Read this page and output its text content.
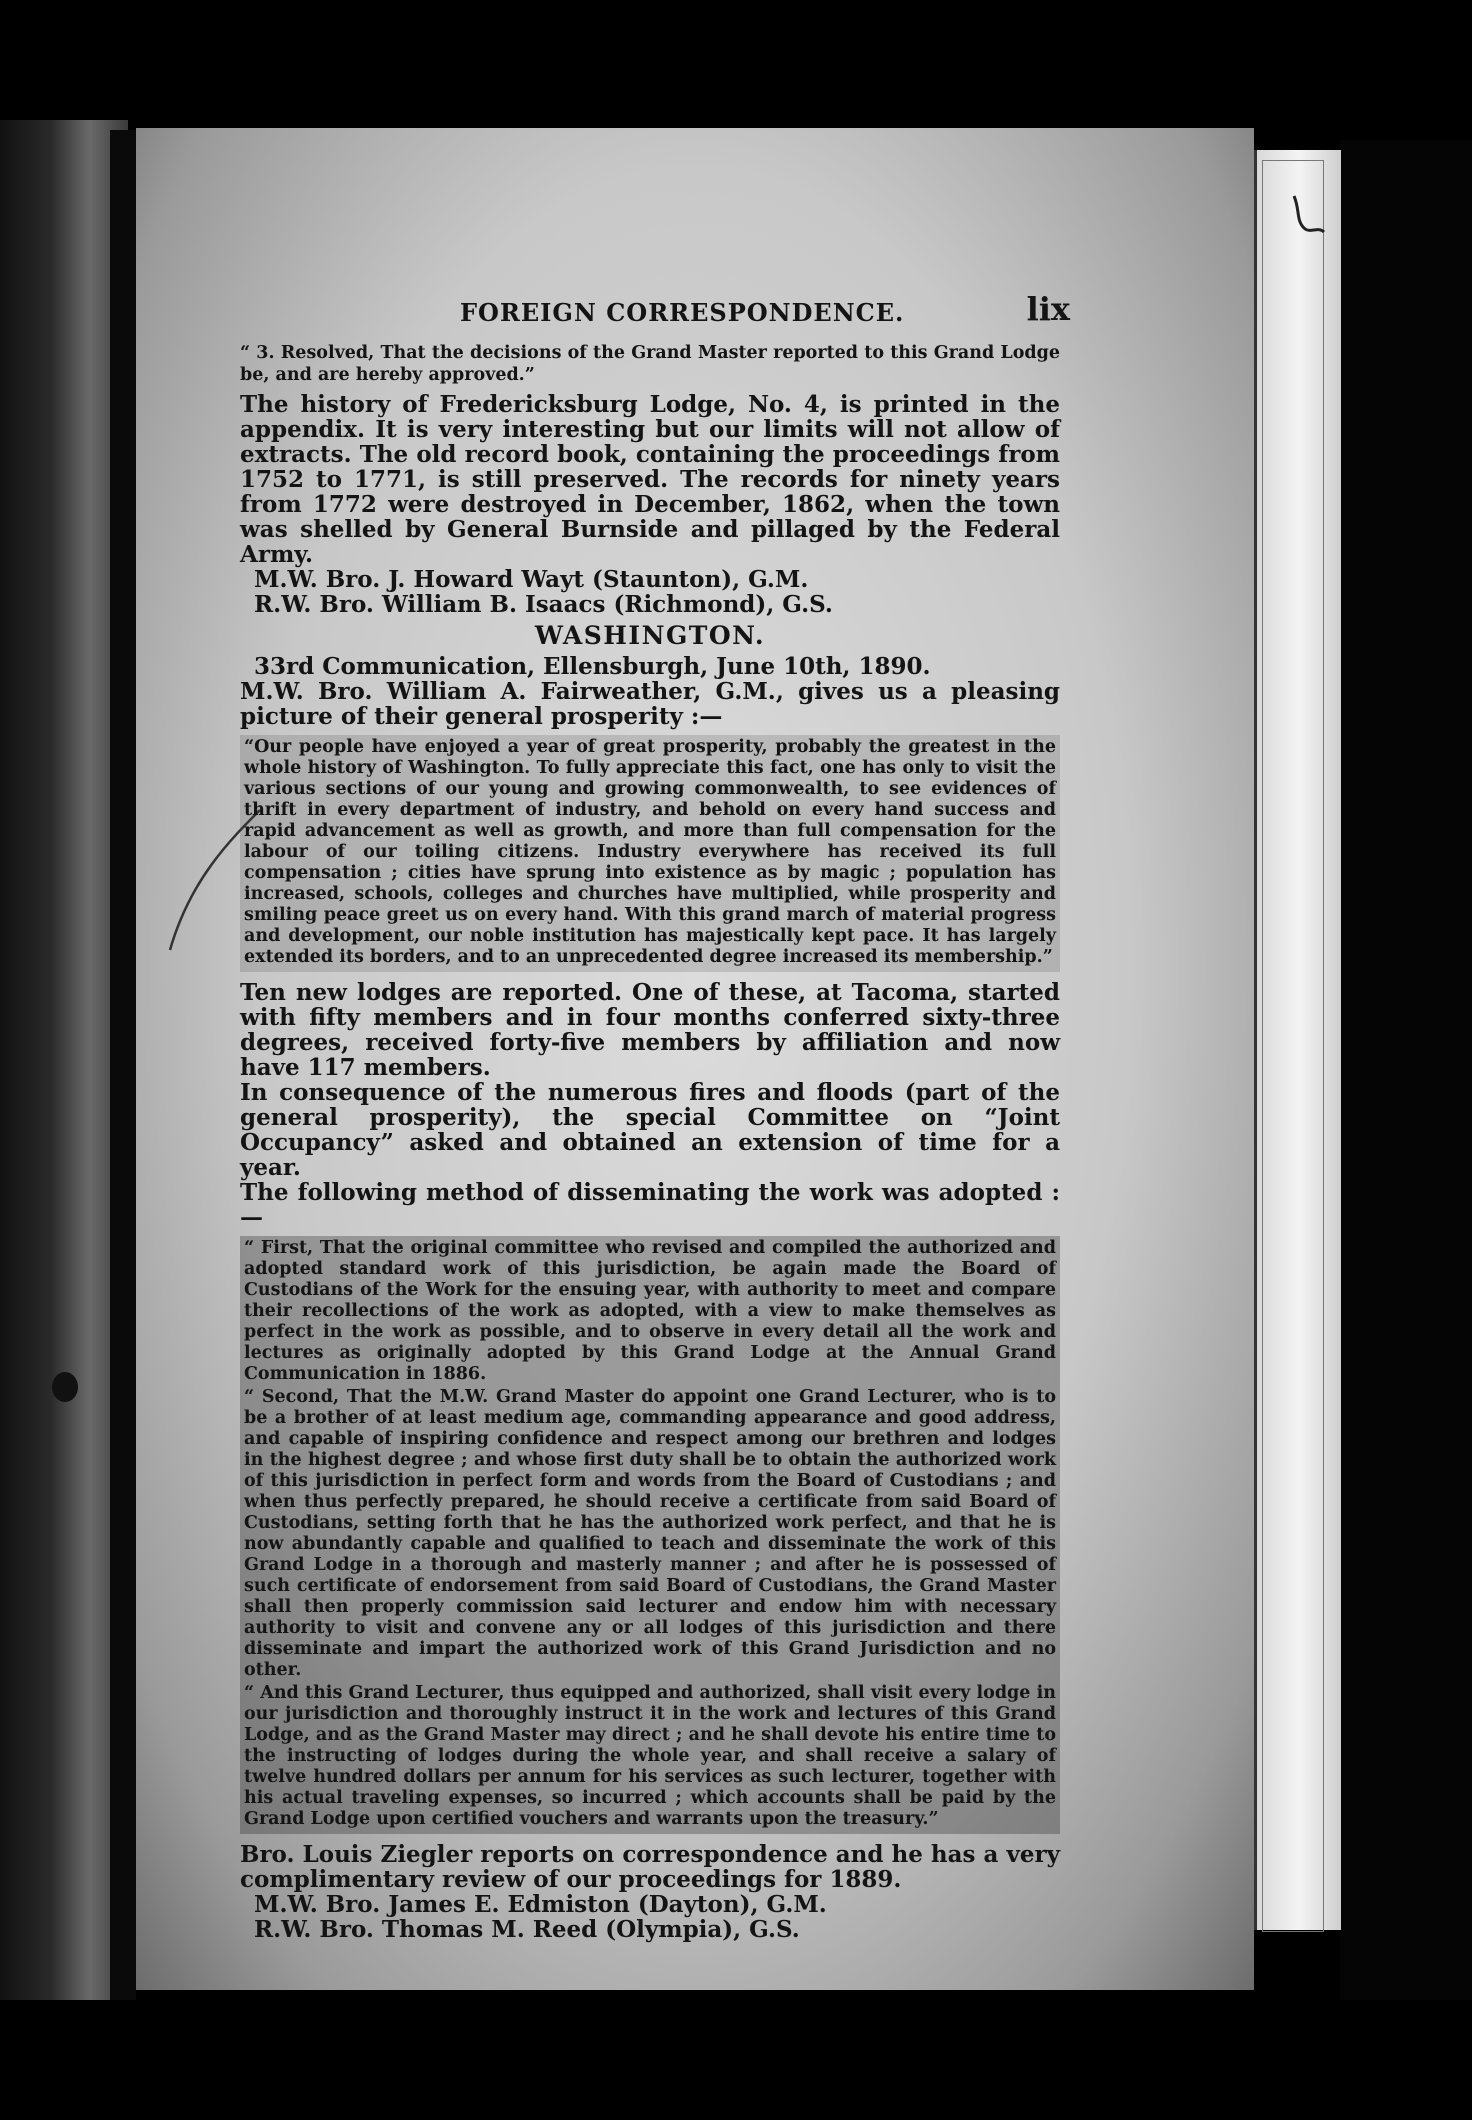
FOREIGN CORRESPONDENCE.	lix

“ 3. Resolved, That the decisions of the Grand Master reported to this Grand Lodge be, and are hereby approved.”

The history of Fredericksburg Lodge, No. 4, is printed in the appendix. It is very interesting but our limits will not allow of extracts. The old record book, containing the proceedings from 1752 to 1771, is still preserved. The records for ninety years from 1772 were destroyed in December, 1862, when the town was shelled by General Burnside and pillaged by the Federal Army.

M.W. Bro. J. Howard Wayt (Staunton), G.M.

R.W. Bro. William B. Isaacs (Richmond), G.S.

WASHINGTON.

33rd Communication, Ellensburgh, June 10th, 1890.

M.W. Bro. William A. Fairweather, G.M., gives us a pleasing picture of their general prosperity :—

“Our people have enjoyed a year of great prosperity, probably the greatest in the whole history of Washington. To fully appreciate this fact, one has only to visit the various sections of our young and growing commonwealth, to see evidences of thrift in every department of industry, and behold on every hand success and rapid advancement as well as growth, and more than full compensation for the labour of our toiling citizens. Industry everywhere has received its full compensation ; cities have sprung into existence as by magic ; population has increased, schools, colleges and churches have multiplied, while prosperity and smiling peace greet us on every hand. With this grand march of material progress and development, our noble institution has majestically kept pace. It has largely extended its borders, and to an unprecedented degree increased its membership.”

Ten new lodges are reported. One of these, at Tacoma, started with fifty members and in four months conferred sixty-three degrees, received forty-five members by affiliation and now have 117 members.

In consequence of the numerous fires and floods (part of the general prosperity), the special Committee on “Joint Occupancy” asked and obtained an extension of time for a year.

The following method of disseminating the work was adopted :—

“ First, That the original committee who revised and compiled the authorized and adopted standard work of this jurisdiction, be again made the Board of Custodians of the Work for the ensuing year, with authority to meet and compare their recollections of the work as adopted, with a view to make themselves as perfect in the work as possible, and to observe in every detail all the work and lectures as originally adopted by this Grand Lodge at the Annual Grand Communication in 1886.

“ Second, That the M.W. Grand Master do appoint one Grand Lecturer, who is to be a brother of at least medium age, commanding appearance and good address, and capable of inspiring confidence and respect among our brethren and lodges in the highest degree ; and whose first duty shall be to obtain the authorized work of this jurisdiction in perfect form and words from the Board of Custodians ; and when thus perfectly prepared, he should receive a certificate from said Board of Custodians, setting forth that he has the authorized work perfect, and that he is now abundantly capable and qualified to teach and disseminate the work of this Grand Lodge in a thorough and masterly manner ; and after he is possessed of such certificate of endorsement from said Board of Custodians, the Grand Master shall then properly commission said lecturer and endow him with necessary authority to visit and convene any or all lodges of this jurisdiction and there disseminate and impart the authorized work of this Grand Jurisdiction and no other.

“ And this Grand Lecturer, thus equipped and authorized, shall visit every lodge in our jurisdiction and thoroughly instruct it in the work and lectures of this Grand Lodge, and as the Grand Master may direct ; and he shall devote his entire time to the instructing of lodges during the whole year, and shall receive a salary of twelve hundred dollars per annum for his services as such lecturer, together with his actual traveling expenses, so incurred ; which accounts shall be paid by the Grand Lodge upon certified vouchers and warrants upon the treasury.”

Bro. Louis Ziegler reports on correspondence and he has a very complimentary review of our proceedings for 1889.

M.W. Bro. James E. Edmiston (Dayton), G.M.

R.W. Bro. Thomas M. Reed (Olympia), G.S.
